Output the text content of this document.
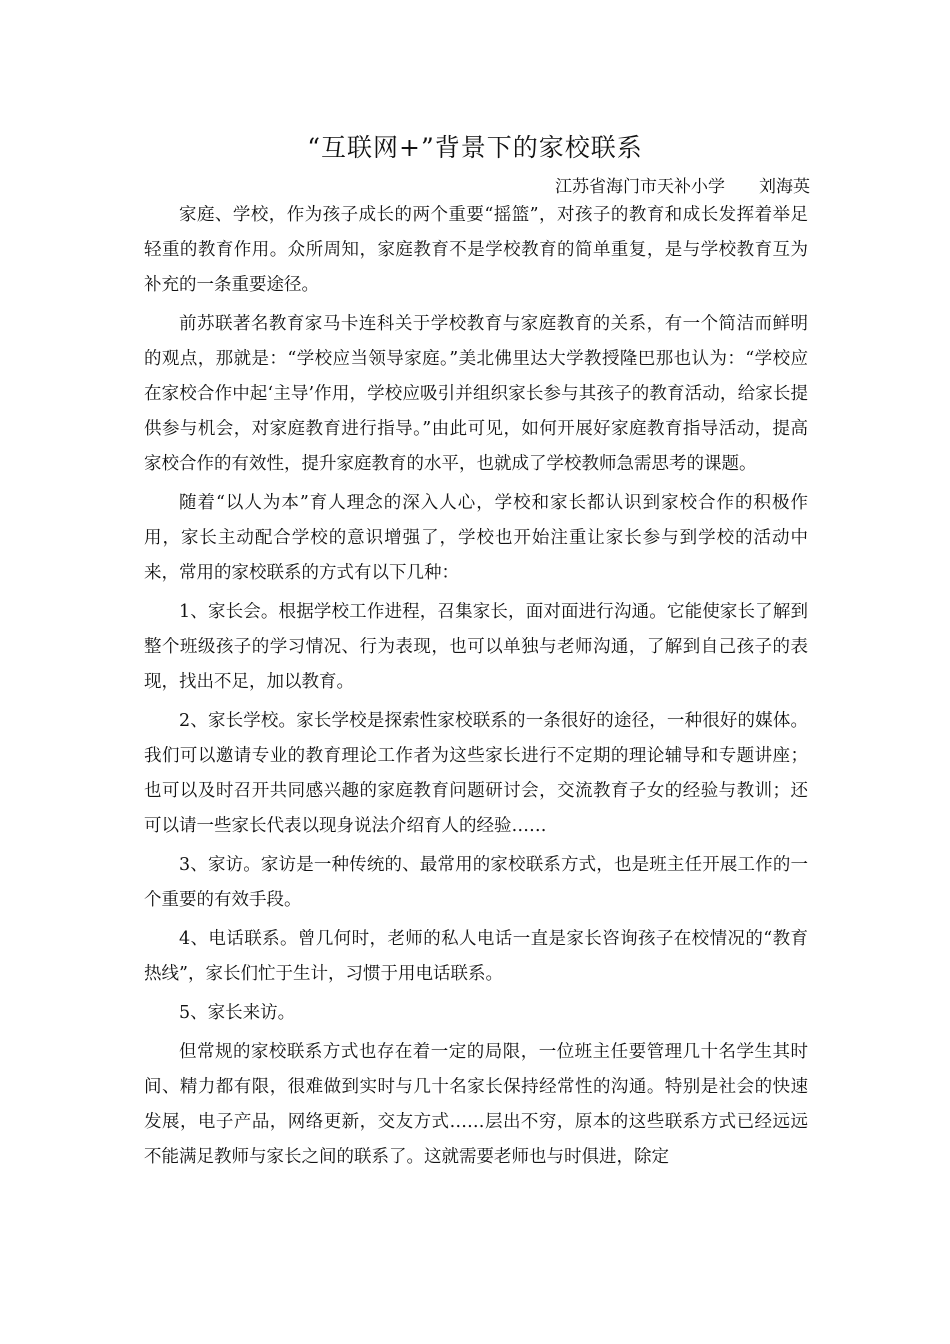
“互联网+”背景下的家校联系
江苏省海门市天补小学 刘海英

家庭、学校，作为孩子成长的两个重要“摇篮”，对孩子的教育和成长发挥着举足轻重的教育作用。众所周知，家庭教育不是学校教育的简单重复，是与学校教育互为补充的一条重要途径。

前苏联著名教育家马卡连科关于学校教育与家庭教育的关系，有一个简洁而鲜明的观点，那就是：“学校应当领导家庭。”美北佛里达大学教授隆巴那也认为：“学校应在家校合作中起‘主导’作用，学校应吸引并组织家长参与其孩子的教育活动，给家长提供参与机会，对家庭教育进行指导。”由此可见，如何开展好家庭教育指导活动，提高家校合作的有效性，提升家庭教育的水平，也就成了学校教师急需思考的课题。

随着“以人为本”育人理念的深入人心，学校和家长都认识到家校合作的积极作用，家长主动配合学校的意识增强了，学校也开始注重让家长参与到学校的活动中来，常用的家校联系的方式有以下几种：

1、家长会。根据学校工作进程，召集家长，面对面进行沟通。它能使家长了解到整个班级孩子的学习情况、行为表现，也可以单独与老师沟通，了解到自己孩子的表现，找出不足，加以教育。

2、家长学校。家长学校是探索性家校联系的一条很好的途径，一种很好的媒体。我们可以邀请专业的教育理论工作者为这些家长进行不定期的理论辅导和专题讲座；也可以及时召开共同感兴趣的家庭教育问题研讨会，交流教育子女的经验与教训；还可以请一些家长代表以现身说法介绍育人的经验……

3、家访。家访是一种传统的、最常用的家校联系方式，也是班主任开展工作的一个重要的有效手段。

4、电话联系。曾几何时，老师的私人电话一直是家长咨询孩子在校情况的“教育热线”，家长们忙于生计，习惯于用电话联系。

5、家长来访。

但常规的家校联系方式也存在着一定的局限，一位班主任要管理几十名学生其时间、精力都有限，很难做到实时与几十名家长保持经常性的沟通。特别是社会的快速发展，电子产品，网络更新，交友方式……层出不穷，原本的这些联系方式已经远远不能满足教师与家长之间的联系了。这就需要老师也与时俱进，除定
